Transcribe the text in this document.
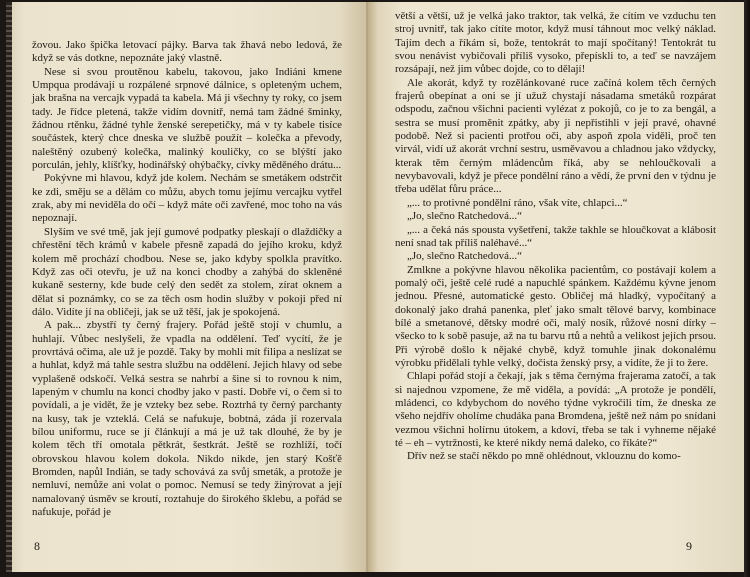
žovou. Jako špička letovací pájky. Barva tak žhavá nebo ledová, že když se vás dotkne, nepoznáte jaký vlastně.

Nese si svou proutěnou kabelu, takovou, jako Indiáni kmene Umpqua prodávají u rozpálené srpnové dálnice, s opleteným uchem, jak brašna na vercajk vypadá ta kabela. Má ji všechny ty roky, co jsem tady. Je řídce pletená, takže vidím dovnitř, nemá tam žádné šminky, žádnou rtěnku, žádné tyhle ženské serepetičky, má v ty kabele tisíce součástek, který chce dneska ve službě použít – kolečka a převody, naleštěný ozubený kolečka, malinký kouličky, co se blýští jako porculán, jehly, klíšťky, hodinářský ohýbačky, cívky měděného drátu...

Pokývne mi hlavou, když jde kolem. Nechám se smetákem odstrčit ke zdi, směju se a dělám co můžu, abych tomu jejímu vercajku vytřel zrak, aby mi neviděla do očí – když máte oči zavřené, moc toho na vás nepoznají.

Slyším ve své tmě, jak její gumové podpatky pleskají o dlaždičky a chřestění těch krámů v kabele přesně zapadá do jejího kroku, když kolem mě prochází chodbou. Nese se, jako kdyby spolkla pravítko. Když zas oči otevřu, je už na konci chodby a zahýbá do skleněné kukaně sesterny, kde bude celý den sedět za stolem, zírat oknem a dělat si poznámky, co se za těch osm hodin služby v pokoji před ní dálo. Vidíte jí na obličeji, jak se už těší, jak je spokojená.

A pak... zbystří ty černý frajery. Pořád ještě stojí v chumlu, a huhlají. Vůbec neslyšeli, že vpadla na oddělení. Teď vycítí, že je provrtává očima, ale už je pozdě. Taky by mohli mít filipa a neslízat se a huhlat, když má tahle sestra službu na oddělení. Jejich hlavy od sebe vyplašeně odskočí. Velká sestra se nahrbí a šine si to rovnou k nim, lapeným v chumlu na konci chodby jako v pasti. Dobře ví, o čem si to povídali, a je vidět, že je vzteky bez sebe. Roztrhá ty černý parchanty na kusy, tak je vzteklá. Celá se nafukuje, bobtná, záda jí rozervala bílou uniformu, ruce se jí článkují a má je už tak dlouhé, že by je kolem těch tří omotala pětkrát, šestkrát. Ještě se rozhlíží, točí obrovskou hlavou kolem dokola. Nikdo nikde, jen starý Košťě Bromden, napůl Indián, se tady schovává za svůj smeták, a protože je nemluví, nemůže ani volat o pomoc. Nemusí se tedy žinýrovat a její namalovaný úsměv se kroutí, roztahuje do širokého šklebu, a pořád se nafukuje, pořád je

8

větší a větší, už je velká jako traktor, tak velká, že cítím ve vzduchu ten stroj uvnitř, tak jako cítíte motor, když musí táhnout moc velký náklad. Tajím dech a říkám si, bože, tentokrát to mají spočítaný! Tentokrát tu svou nenávist vybičovali příliš vysoko, přepískli to, a teď se navzájem rozsápají, než jim vůbec dojde, co to dělají!

Ale akorát, když ty rozělánkované ruce začíná kolem těch černých frajerů obepínat a oni se jí užuž chystají násadama smetáků rozpárat odspodu, začnou všichni pacienti vylézat z pokojů, co je to za bengál, a sestra se musí proměnit zpátky, aby ji nepřistihli v její pravé, ohavné podobě. Než si pacienti protřou oči, aby aspoň zpola viděli, proč ten virvál, vidí už akorát vrchní sestru, usměvavou a chladnou jako vždycky, kterak těm černým mládencům říká, aby se nehloučkovali a nevybavovali, když je přece pondělní ráno a vědí, že první den v týdnu je třeba udělat fůru práce...

„... to protivné pondělní ráno, však víte, chlapci...“

„Jo, slečno Ratchedová...“

„... a čeká nás spousta vyšetření, takže takhle se hloučkovat a klábosit není snad tak příliš naléhavé...“

„Jo, slečno Ratchedová...“

Zmlkne a pokývne hlavou několika pacientům, co postávají kolem a pomalý oči, ještě celé rudé a napuchlé spánkem. Každému kývne jenom jednou. Přesné, automatické gesto. Obličej má hladký, vypočítaný a dokonalý jako drahá panenka, pleť jako smalt tělové barvy, kombinace bílé a smetanové, dětsky modré oči, malý nosík, růžové nosní dírky – všecko to k sobě pasuje, až na tu barvu rtů a nehtů a velikost jejích prsou. Při výrobě došlo k nějaké chybě, když tomuhle jinak dokonalému výrobku přidělali tyhle velký, dočista ženský prsy, a vidíte, že ji to žere.

Chlapi pořád stojí a čekají, jak s těma černýma frajerama zatočí, a tak si najednou vzpomene, že mě viděla, a povídá: „A protože je pondělí, mládenci, co kdybychom do nového týdne vykročili tím, že dneska ze všeho nejdřív oholíme chudáka pana Bromdena, ještě než nám po snídani vezmou všichni holírnu útokem, a kdoví, třeba se tak i vyhneme nějaké té – eh – vytržnosti, ke které nikdy nemá daleko, co říkáte?“

Dřív než se stačí někdo po mně ohlédnout, vklouznu do komo-

9
